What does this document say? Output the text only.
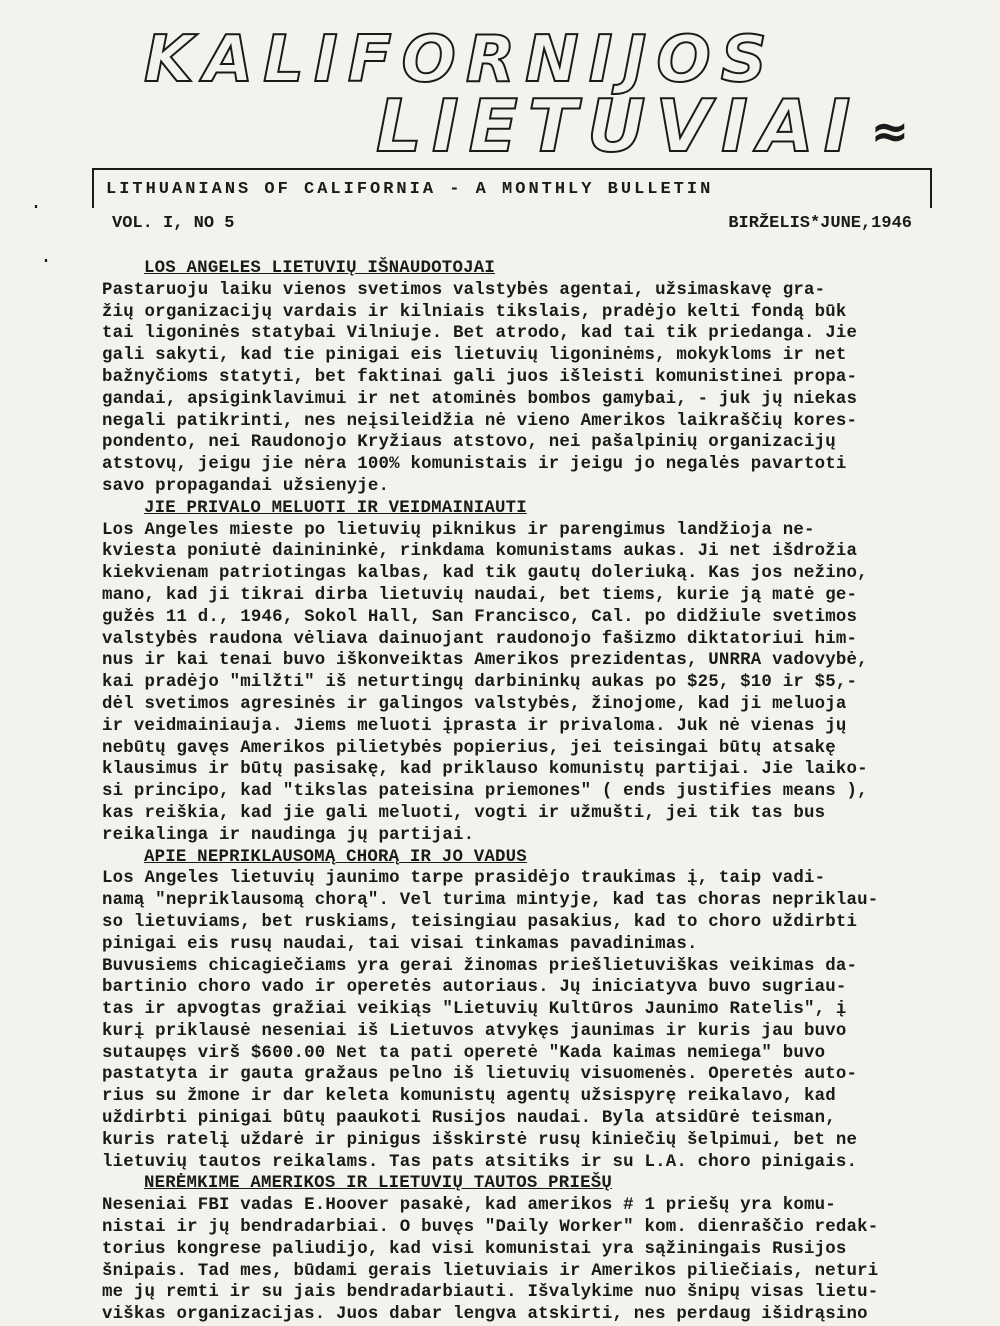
·
·
KALIFORNIJOS
LIETUVIAI ≈
LITHUANIANS OF CALIFORNIA - A MONTHLY BULLETIN
VOL. I, NO 5	BIRŽELIS*JUNE,1946
LOS ANGELES LIETUVIŲ IŠNAUDOTOJAI
Pastaruoju laiku vienos svetimos valstybės agentai, užsimaskavę gra-
žių organizacijų vardais ir kilniais tikslais, pradėjo kelti fondą būk
tai ligoninės statybai Vilniuje. Bet atrodo, kad tai tik priedanga. Jie
gali sakyti, kad tie pinigai eis lietuvių ligoninėms, mokykloms ir net
bažnyčioms statyti, bet faktinai gali juos išleisti komunistinei propa-
gandai, apsiginklavimui ir net atominės bombos gamybai, - juk jų niekas
negali patikrinti, nes neįsileidžia nė vieno Amerikos laikraščių kores-
pondento, nei Raudonojo Kryžiaus atstovo, nei pašalpinių organizacijų
atstovų, jeigu jie nėra 100% komunistais ir jeigu jo negalės pavartoti
savo propagandai užsienyje.
JIE PRIVALO MELUOTI IR VEIDMAINIAUTI
Los Angeles mieste po lietuvių piknikus ir parengimus landžioja ne-
kviesta poniutė dainininkė, rinkdama komunistams aukas. Ji net išdrožia
kiekvienam patriotingas kalbas, kad tik gautų doleriuką. Kas jos nežino,
mano, kad ji tikrai dirba lietuvių naudai, bet tiems, kurie ją matė ge-
gužės 11 d., 1946, Sokol Hall, San Francisco, Cal. po didžiule svetimos
valstybės raudona vėliava dainuojant raudonojo fašizmo diktatoriui him-
nus ir kai tenai buvo iškonveiktas Amerikos prezidentas, UNRRA vadovybė,
kai pradėjo "milžti" iš neturtingų darbininkų aukas po $25, $10 ir $5,-
dėl svetimos agresinės ir galingos valstybės, žinojome, kad ji meluoja
ir veidmainiauja. Jiems meluoti įprasta ir privaloma. Juk nė vienas jų
nebūtų gavęs Amerikos pilietybės popierius, jei teisingai būtų atsakę
klausimus ir būtų pasisakę, kad priklauso komunistų partijai. Jie laiko-
si principo, kad "tikslas pateisina priemones" ( ends justifies means ),
kas reiškia, kad jie gali meluoti, vogti ir užmušti, jei tik tas bus
reikalinga ir naudinga jų partijai.
APIE NEPRIKLAUSOMĄ CHORĄ IR JO VADUS
Los Angeles lietuvių jaunimo tarpe prasidėjo traukimas į, taip vadi-
namą "nepriklausomą chorą". Vel turima mintyje, kad tas choras nepriklau-
so lietuviams, bet ruskiams, teisingiau pasakius, kad to choro uždirbti
pinigai eis rusų naudai, tai visai tinkamas pavadinimas.
Buvusiems chicagiečiams yra gerai žinomas priešlietuviškas veikimas da-
bartinio choro vado ir operetės autoriaus. Jų iniciatyva buvo sugriau-
tas ir apvogtas gražiai veikiąs "Lietuvių Kultūros Jaunimo Ratelis", į
kurį priklausė neseniai iš Lietuvos atvykęs jaunimas ir kuris jau buvo
sutaupęs virš $600.00 Net ta pati operetė "Kada kaimas nemiega" buvo
pastatyta ir gauta gražaus pelno iš lietuvių visuomenės. Operetės auto-
rius su žmone ir dar keleta komunistų agentų užsispyrę reikalavo, kad
uždirbti pinigai būtų paaukoti Rusijos naudai. Byla atsidūrė teisman,
kuris ratelį uždarė ir pinigus išskirstė rusų kiniečių šelpimui, bet ne
lietuvių tautos reikalams. Tas pats atsitiks ir su L.A. choro pinigais.
NERĖMKIME AMERIKOS IR LIETUVIŲ TAUTOS PRIEŠŲ
Neseniai FBI vadas E.Hoover pasakė, kad amerikos # 1 priešų yra komu-
nistai ir jų bendradarbiai. O buvęs "Daily Worker" kom. dienraščio redak-
torius kongrese paliudijo, kad visi komunistai yra sąžiningais Rusijos
šnipais. Tad mes, būdami gerais lietuviais ir Amerikos piliečiais, neturi
me jų remti ir su jais bendradarbiauti. Išvalykime nuo šnipų visas lietu-
viškas organizacijas. Juos dabar lengva atskirti, nes perdaug išidrąsino
